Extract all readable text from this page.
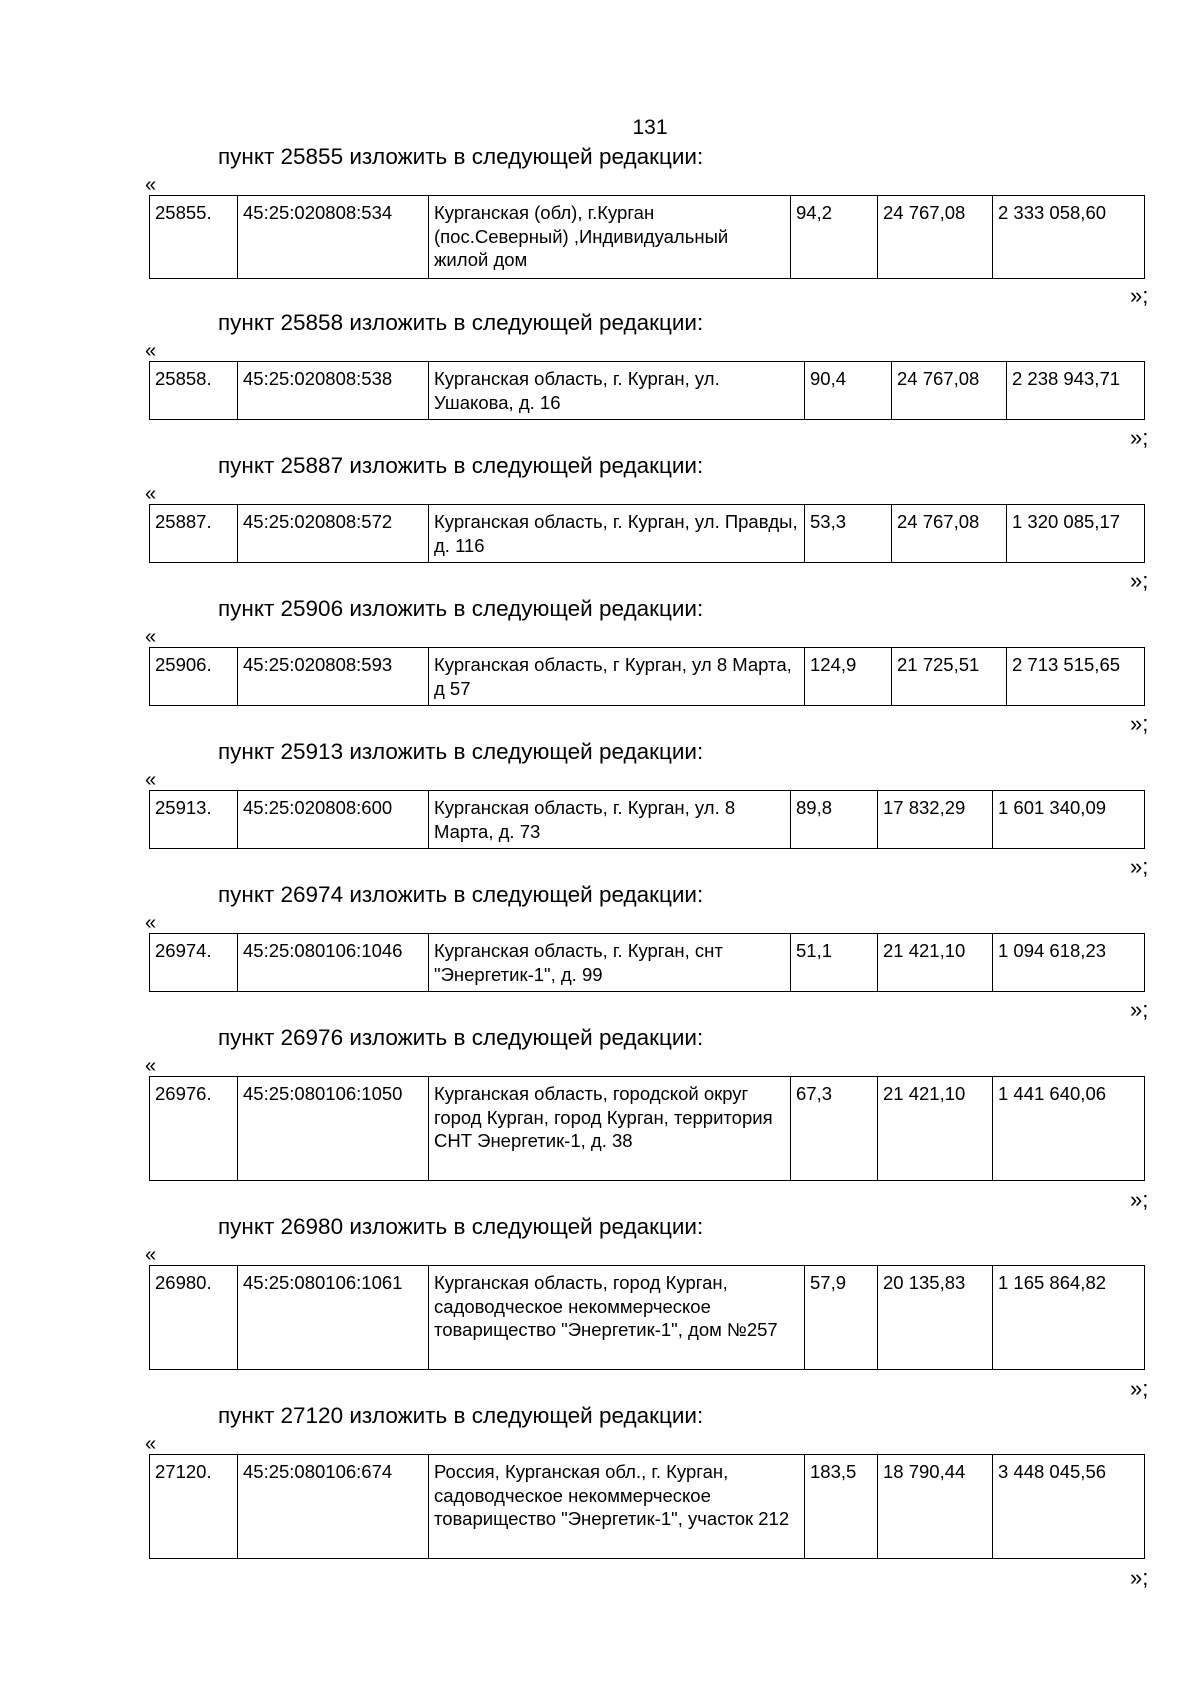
131
пункт 25855 изложить в следующей редакции:
«
25855.	45:25:020808:534	Курганская (обл), г.Курган (пос.Северный) ,Индивидуальный жилой дом	94,2	24 767,08	2 333 058,60
»;
пункт 25858 изложить в следующей редакции:
«
25858.	45:25:020808:538	Курганская область, г. Курган, ул. Ушакова, д. 16	90,4	24 767,08	2 238 943,71
»;
пункт 25887 изложить в следующей редакции:
«
25887.	45:25:020808:572	Курганская область, г. Курган, ул. Правды, д. 116	53,3	24 767,08	1 320 085,17
»;
пункт 25906 изложить в следующей редакции:
«
25906.	45:25:020808:593	Курганская область, г Курган, ул 8 Марта, д 57	124,9	21 725,51	2 713 515,65
»;
пункт 25913 изложить в следующей редакции:
«
25913.	45:25:020808:600	Курганская область, г. Курган, ул. 8 Марта, д. 73	89,8	17 832,29	1 601 340,09
»;
пункт 26974 изложить в следующей редакции:
«
26974.	45:25:080106:1046	Курганская область, г. Курган, снт "Энергетик-1", д. 99	51,1	21 421,10	1 094 618,23
»;
пункт 26976 изложить в следующей редакции:
«
26976.	45:25:080106:1050	Курганская область, городской округ город Курган, город Курган, территория СНТ Энергетик-1, д. 38	67,3	21 421,10	1 441 640,06
»;
пункт 26980 изложить в следующей редакции:
«
26980.	45:25:080106:1061	Курганская область, город Курган, садоводческое некоммерческое товарищество "Энергетик-1", дом №257	57,9	20 135,83	1 165 864,82
»;
пункт 27120 изложить в следующей редакции:
«
27120.	45:25:080106:674	Россия, Курганская обл., г. Курган, садоводческое некоммерческое товарищество "Энергетик-1", участок 212	183,5	18 790,44	3 448 045,56
»;
